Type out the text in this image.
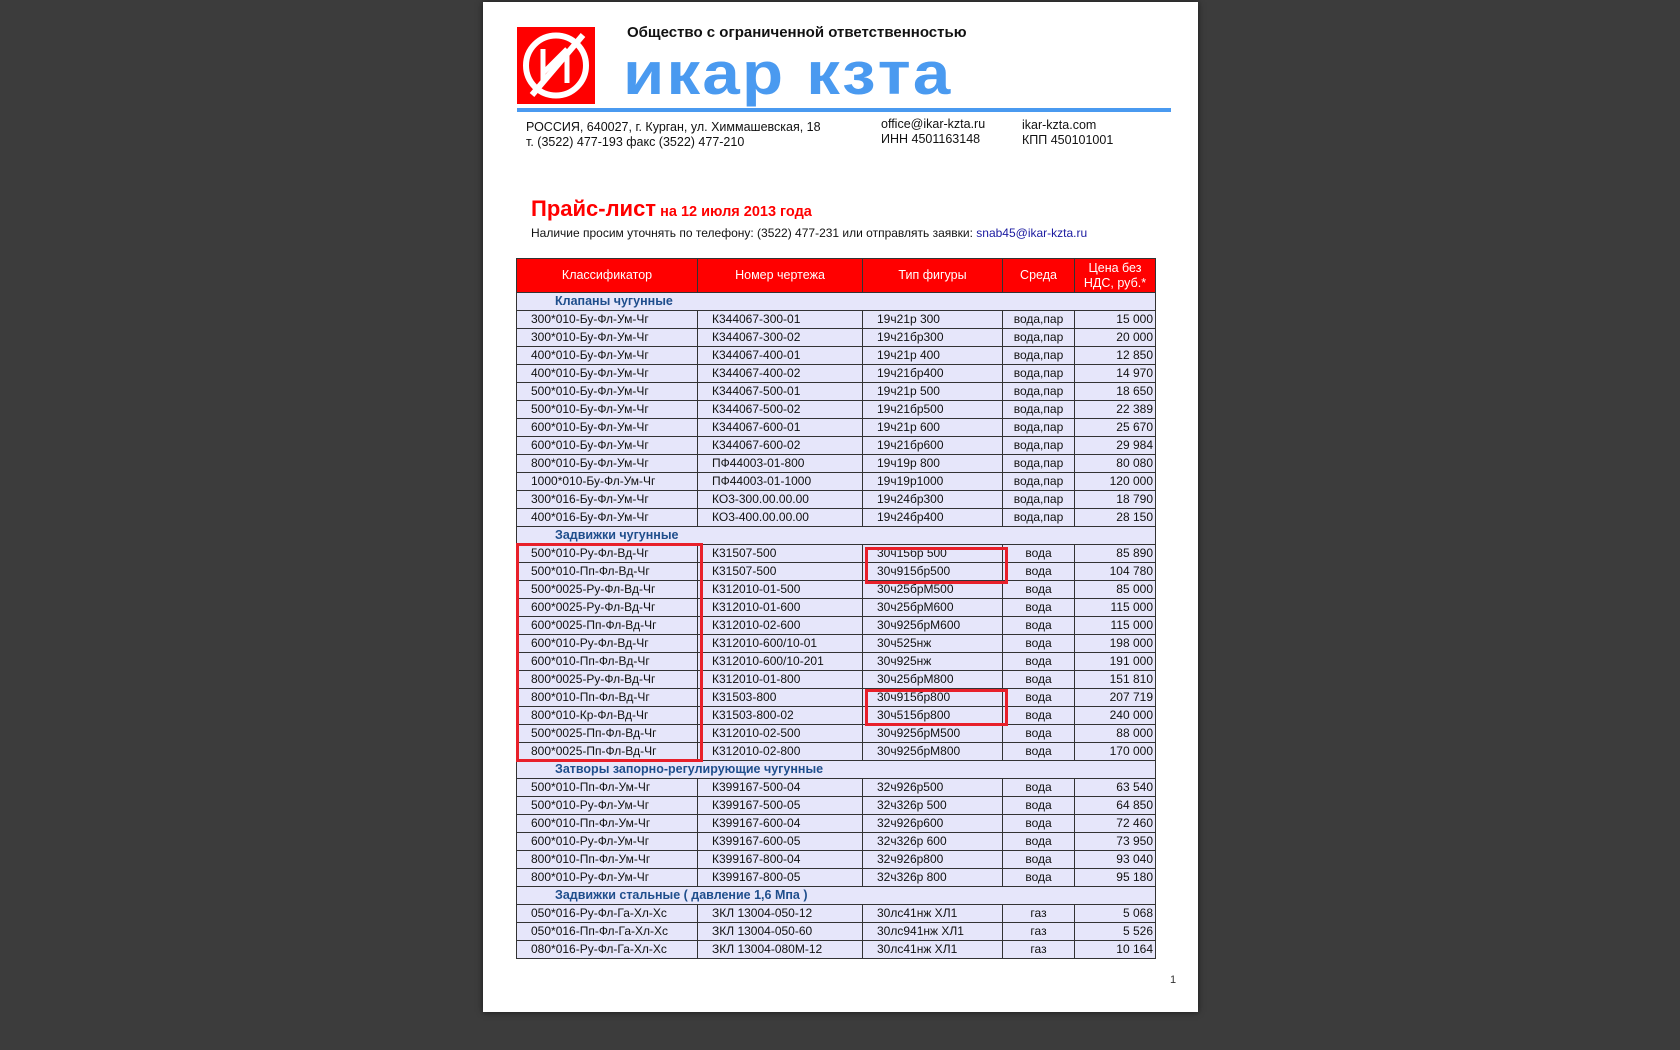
Общество с ограниченной ответственностью
икар кзта
РОССИЯ, 640027, г. Курган, ул. Химмашевская, 18
т. (3522) 477-193 факс (3522) 477-210
office@ikar-kzta.ru
ИНН 4501163148
ikar-kzta.com
КПП 450101001
Прайс-лист на 12 июля 2013 года
Наличие просим уточнять по телефону: (3522) 477-231 или отправлять заявки: snab45@ikar-kzta.ru
Классификатор	Номер чертежа	Тип фигуры	Среда	Цена без НДС, руб.*
Клапаны чугунные				
300*010-Бу-Фл-Ум-Чг	К344067-300-01	19ч21р 300	вода,пар	15 000
300*010-Бу-Фл-Ум-Чг	К344067-300-02	19ч21бр300	вода,пар	20 000
400*010-Бу-Фл-Ум-Чг	К344067-400-01	19ч21р 400	вода,пар	12 850
400*010-Бу-Фл-Ум-Чг	К344067-400-02	19ч21бр400	вода,пар	14 970
500*010-Бу-Фл-Ум-Чг	К344067-500-01	19ч21р 500	вода,пар	18 650
500*010-Бу-Фл-Ум-Чг	К344067-500-02	19ч21бр500	вода,пар	22 389
600*010-Бу-Фл-Ум-Чг	К344067-600-01	19ч21р 600	вода,пар	25 670
600*010-Бу-Фл-Ум-Чг	К344067-600-02	19ч21бр600	вода,пар	29 984
800*010-Бу-Фл-Ум-Чг	ПФ44003-01-800	19ч19р 800	вода,пар	80 080
1000*010-Бу-Фл-Ум-Чг	ПФ44003-01-1000	19ч19р1000	вода,пар	120 000
300*016-Бу-Фл-Ум-Чг	КО3-300.00.00.00	19ч24бр300	вода,пар	18 790
400*016-Бу-Фл-Ум-Чг	КО3-400.00.00.00	19ч24бр400	вода,пар	28 150
Задвижки чугунные				
500*010-Ру-Фл-Вд-Чг	К31507-500	30ч15бр 500	вода	85 890
500*010-Пп-Фл-Вд-Чг	К31507-500	30ч915бр500	вода	104 780
500*0025-Ру-Фл-Вд-Чг	К312010-01-500	30ч25брМ500	вода	85 000
600*0025-Ру-Фл-Вд-Чг	К312010-01-600	30ч25брМ600	вода	115 000
600*0025-Пп-Фл-Вд-Чг	К312010-02-600	30ч925брМ600	вода	115 000
600*010-Ру-Фл-Вд-Чг	К312010-600/10-01	30ч525нж	вода	198 000
600*010-Пп-Фл-Вд-Чг	К312010-600/10-201	30ч925нж	вода	191 000
800*0025-Ру-Фл-Вд-Чг	К312010-01-800	30ч25брМ800	вода	151 810
800*010-Пп-Фл-Вд-Чг	К31503-800	30ч915бр800	вода	207 719
800*010-Кр-Фл-Вд-Чг	К31503-800-02	30ч515бр800	вода	240 000
500*0025-Пп-Фл-Вд-Чг	К312010-02-500	30ч925брМ500	вода	88 000
800*0025-Пп-Фл-Вд-Чг	К312010-02-800	30ч925брМ800	вода	170 000
Затворы запорно-регулирующие чугунные				
500*010-Пп-Фл-Ум-Чг	К399167-500-04	32ч926р500	вода	63 540
500*010-Ру-Фл-Ум-Чг	К399167-500-05	32ч326р 500	вода	64 850
600*010-Пп-Фл-Ум-Чг	К399167-600-04	32ч926р600	вода	72 460
600*010-Ру-Фл-Ум-Чг	К399167-600-05	32ч326р 600	вода	73 950
800*010-Пп-Фл-Ум-Чг	К399167-800-04	32ч926р800	вода	93 040
800*010-Ру-Фл-Ум-Чг	К399167-800-05	32ч326р 800	вода	95 180
Задвижки стальные ( давление 1,6 Мпа )				
050*016-Ру-Фл-Га-Хл-Хс	ЗКЛ 13004-050-12	30лс41нж ХЛ1	газ	5 068
050*016-Пп-Фл-Га-Хл-Хс	ЗКЛ 13004-050-60	30лс941нж ХЛ1	газ	5 526
080*016-Ру-Фл-Га-Хл-Хс	ЗКЛ 13004-080М-12	30лс41нж ХЛ1	газ	10 164
1
